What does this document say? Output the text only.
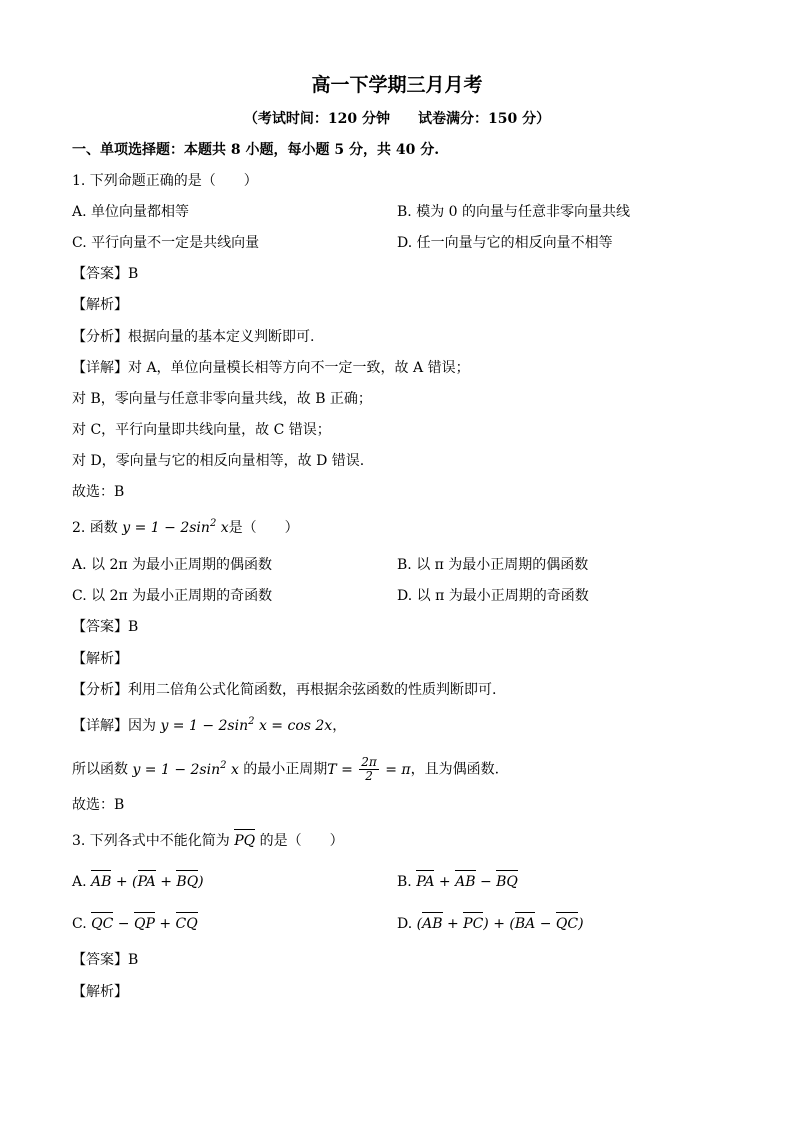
高一下学期三月月考
（考试时间：120 分钟　　试卷满分：150 分）
一、单项选择题：本题共 8 小题，每小题 5 分，共 40 分.
1. 下列命题正确的是（　　）
A. 单位向量都相等	B. 模为 0 的向量与任意非零向量共线
C. 平行向量不一定是共线向量	D. 任一向量与它的相反向量不相等
【答案】B
【解析】
【分析】根据向量的基本定义判断即可.
【详解】对 A，单位向量模长相等方向不一定一致，故 A 错误；
对 B，零向量与任意非零向量共线，故 B 正确；
对 C，平行向量即共线向量，故 C 错误；
对 D，零向量与它的相反向量相等，故 D 错误.
故选：B
2. 函数 $y = 1 - 2\sin^2$ x是（　　）
A. 以 2π 为最小正周期的偶函数	B. 以 π 为最小正周期的偶函数
C. 以 2π 为最小正周期的奇函数	D. 以 π 为最小正周期的奇函数
【答案】B
【解析】
【分析】利用二倍角公式化简函数，再根据余弦函数的性质判断即可.
【详解】因为 $y = 1 - 2\sin^2$ x = cos 2x，
所以函数 $y = 1 - 2\sin^2$ x 的最小正周期$T = \frac{2\pi}{2} = \pi$，且为偶函数.
故选：B
3. 下列各式中不能化简为 PQ 的是（　　）
A. AB + (PA + BQ)	B. PA + AB − BQ
C. QC − QP + CQ	D. (AB + PC) + (BA − QC)
【答案】B
【解析】
